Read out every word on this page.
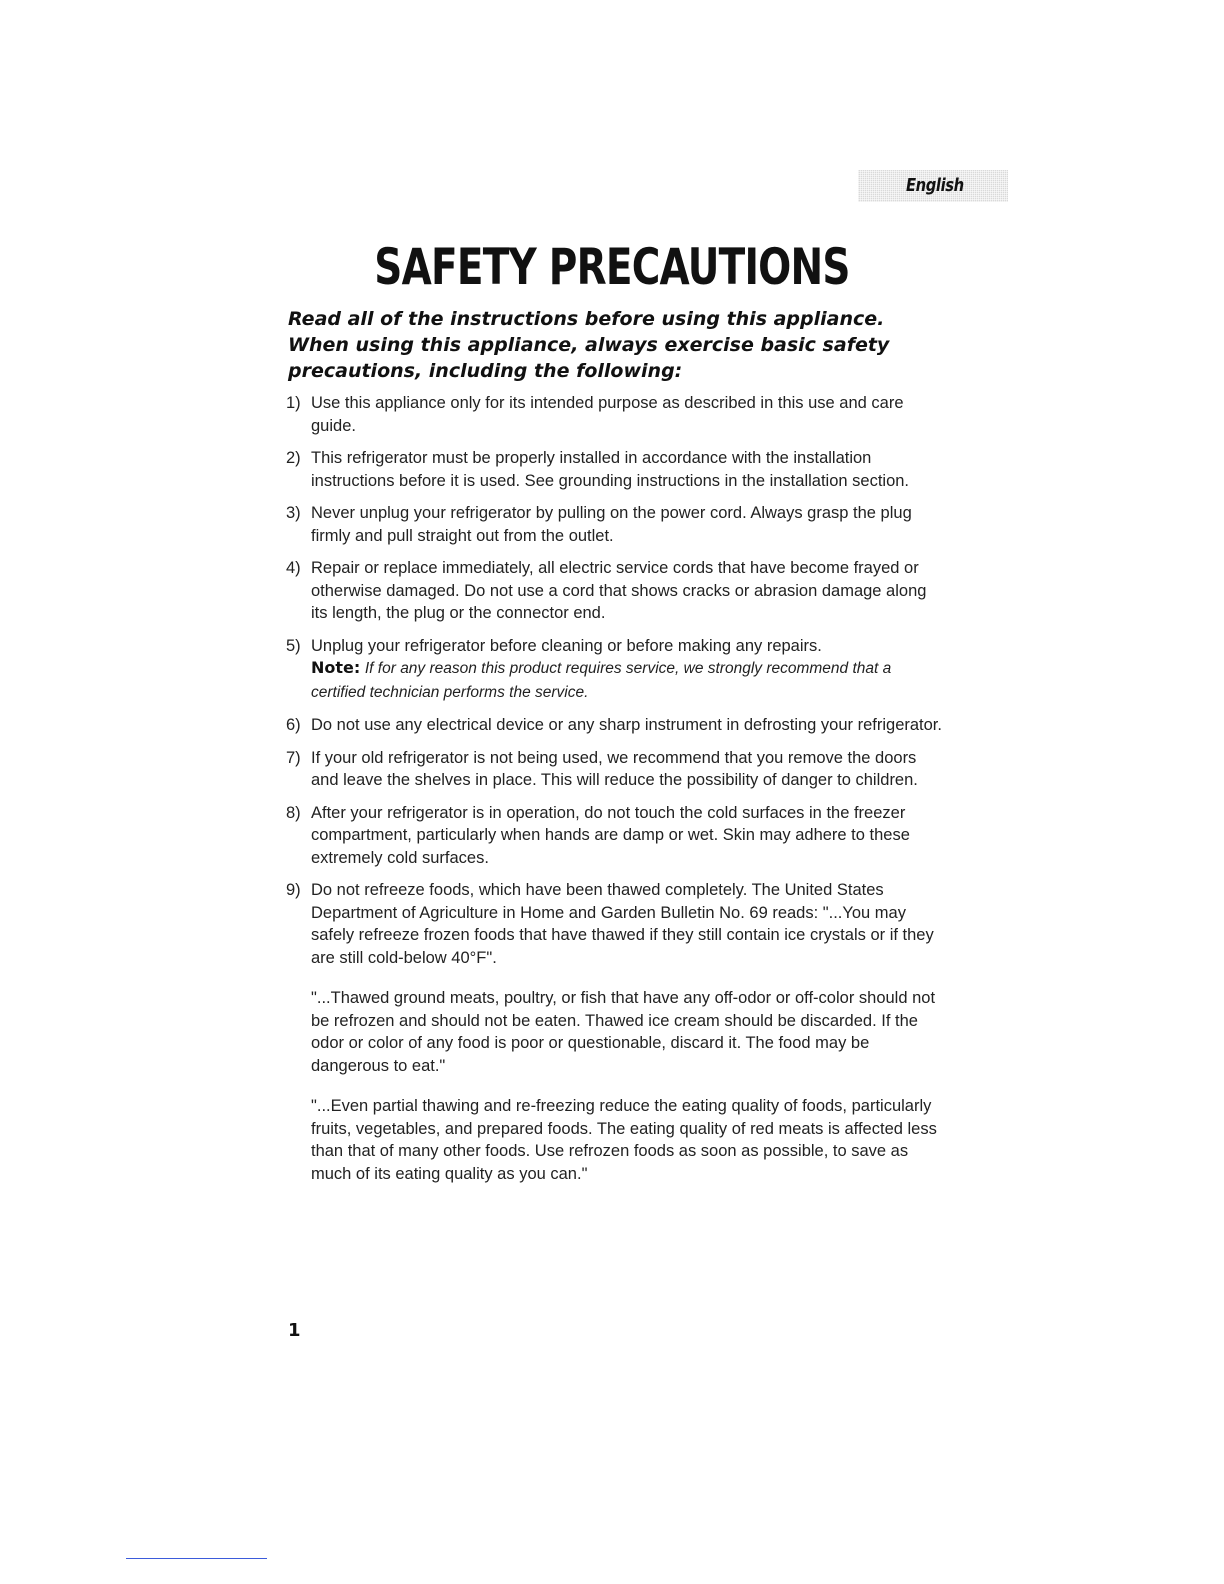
English
SAFETY PRECAUTIONS

Read all of the instructions before using this appliance. When using this appliance, always exercise basic safety precautions, including the following:

1) Use this appliance only for its intended purpose as described in this use and care guide.
2) This refrigerator must be properly installed in accordance with the installation instructions before it is used. See grounding instructions in the installation section.
3) Never unplug your refrigerator by pulling on the power cord. Always grasp the plug firmly and pull straight out from the outlet.
4) Repair or replace immediately, all electric service cords that have become frayed or otherwise damaged. Do not use a cord that shows cracks or abrasion damage along its length, the plug or the connector end.
5) Unplug your refrigerator before cleaning or before making any repairs.
Note: If for any reason this product requires service, we strongly recommend that a certified technician performs the service.
6) Do not use any electrical device or any sharp instrument in defrosting your refrigerator.
7) If your old refrigerator is not being used, we recommend that you remove the doors and leave the shelves in place. This will reduce the possibility of danger to children.
8) After your refrigerator is in operation, do not touch the cold surfaces in the freezer compartment, particularly when hands are damp or wet. Skin may adhere to these extremely cold surfaces.
9) Do not refreeze foods, which have been thawed completely. The United States Department of Agriculture in Home and Garden Bulletin No. 69 reads: "...You may safely refreeze frozen foods that have thawed if they still contain ice crystals or if they are still cold-below 40°F".

"...Thawed ground meats, poultry, or fish that have any off-odor or off-color should not be refrozen and should not be eaten. Thawed ice cream should be discarded. If the odor or color of any food is poor or questionable, discard it. The food may be dangerous to eat."

"...Even partial thawing and re-freezing reduce the eating quality of foods, particularly fruits, vegetables, and prepared foods. The eating quality of red meats is affected less than that of many other foods. Use refrozen foods as soon as possible, to save as much of its eating quality as you can."

1
